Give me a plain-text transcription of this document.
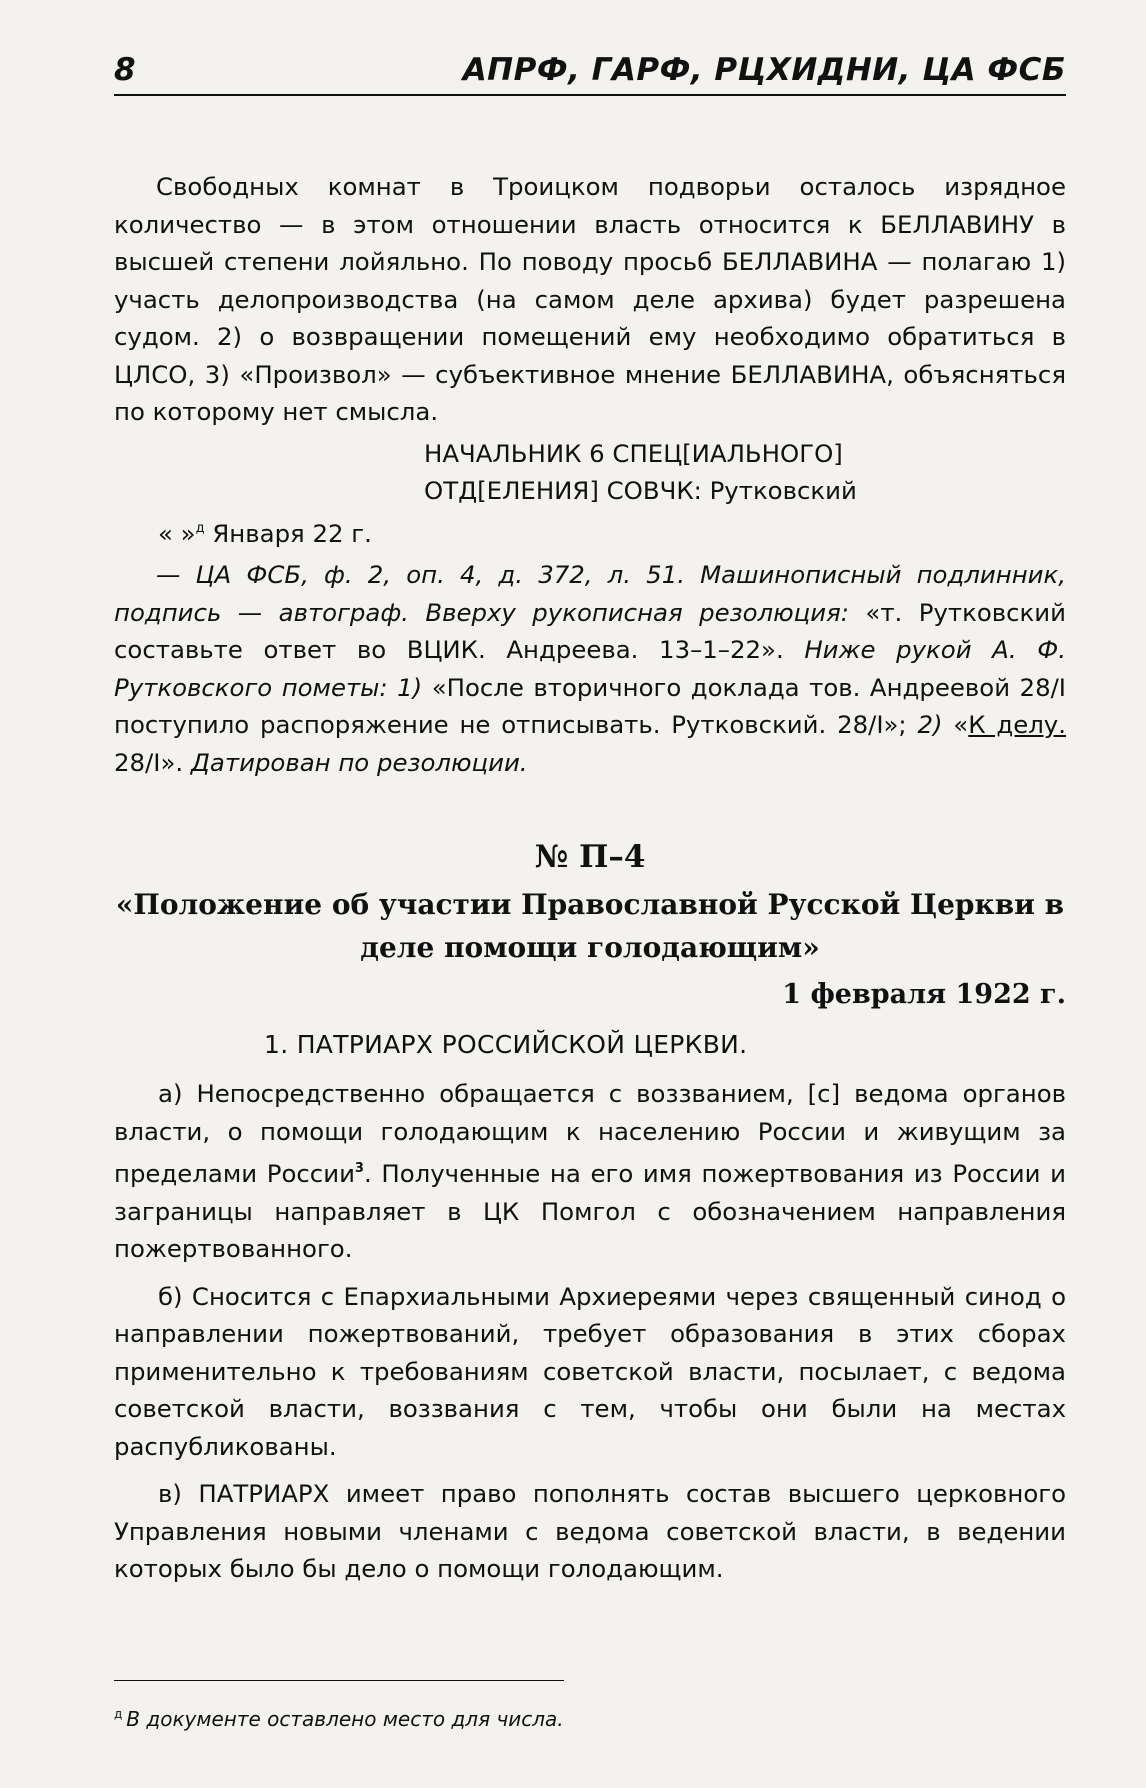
8	АПРФ, ГАРФ, РЦХИДНИ, ЦА ФСБ

Свободных комнат в Троицком подворьи осталось изрядное количество — в этом отношении власть относится к БЕЛЛАВИНУ в высшей степени лойяльно. По поводу просьб БЕЛЛАВИНА — полагаю 1) участь делопроизводства (на самом деле архива) будет разрешена судом. 2) о возвращении помещений ему необходимо обратиться в ЦЛСО, 3) «Произвол» — субъективное мнение БЕЛЛАВИНА, объясняться по которому нет смысла.

НАЧАЛЬНИК 6 СПЕЦ[ИАЛЬНОГО]
ОТД[ЕЛЕНИЯ] СОВЧК: Рутковский
« »$^д$ Января 22 г.

— ЦА ФСБ, ф. 2, оп. 4, д. 372, л. 51. Машинописный подлинник, подпись — автограф. Вверху рукописная резолюция: «т. Рутковский составьте ответ во ВЦИК. Андреева. 13–1–22». Ниже рукой А. Ф. Рутковского пометы: 1) «После вторичного доклада тов. Андреевой 28/I поступило распоряжение не отписывать. Рутковский. 28/I»; 2) «К делу. 28/I». Датирован по резолюции.

№ П–4
«Положение об участии Православной Русской Церкви в деле помощи голодающим»
1 февраля 1922 г.
1. ПАТРИАРХ РОССИЙСКОЙ ЦЕРКВИ.

а) Непосредственно обращается с воззванием, [с] ведома органов власти, о помощи голодающим к населению России и живущим за пределами России$^3$. Полученные на его имя пожертвования из России и заграницы направляет в ЦК Помгол с обозначением направления пожертвованного.

б) Сносится с Епархиальными Архиереями через священный синод о направлении пожертвований, требует образования в этих сборах применительно к требованиям советской власти, посылает, с ведома советской власти, воззвания с тем, чтобы они были на местах распубликованы.

в) ПАТРИАРХ имеет право пополнять состав высшего церковного Управления новыми членами с ведома советской власти, в ведении которых было бы дело о помощи голодающим.

$^д$ В документе оставлено место для числа.
